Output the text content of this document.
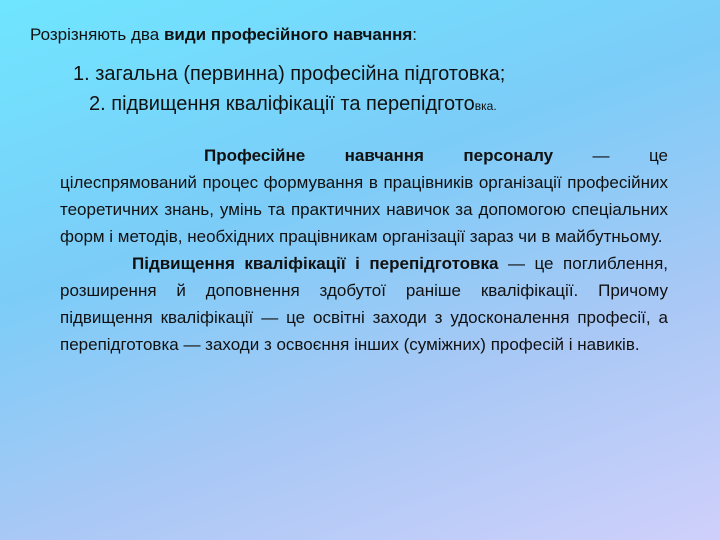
Розрізняють два види професійного навчання:
1. загальна (первинна) професійна підготовка;
2. підвищення кваліфікації та перепідготовка.

Професійне навчання персоналу — це цілеспрямований процес формування в працівників організації професійних теоретичних знань, умінь та практичних навичок за допомогою спеціальних форм і методів, необхідних працівникам організації зараз чи в майбутньому.

Підвищення кваліфікації і перепідготовка — це поглиблення, розширення й доповнення здобутої раніше кваліфікації. Причому підвищення кваліфікації — це освітні заходи з удосконалення професії, а перепідготовка — заходи з освоєння інших (суміжних) професій і навиків.
